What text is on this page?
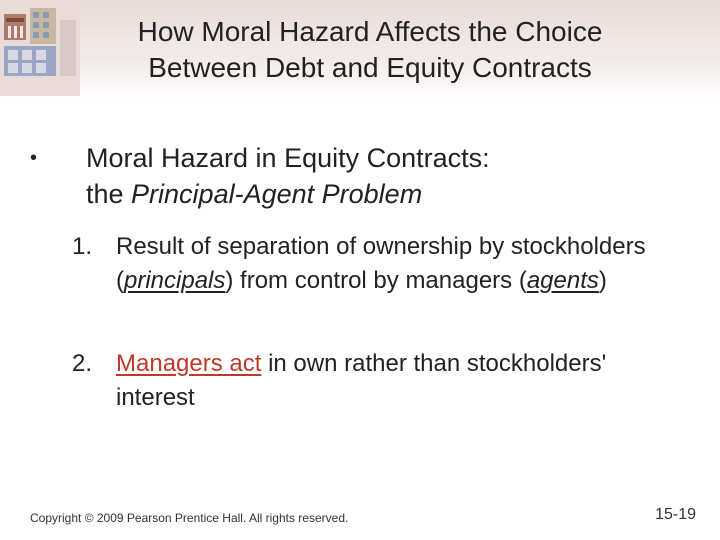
How Moral Hazard Affects the Choice
Between Debt and Equity Contracts
• Moral Hazard in Equity Contracts:
the Principal-Agent Problem
1. Result of separation of ownership by stockholders (principals) from control by managers (agents)
2. Managers act in own rather than stockholders' interest
Copyright © 2009 Pearson Prentice Hall. All rights reserved.	15-19
